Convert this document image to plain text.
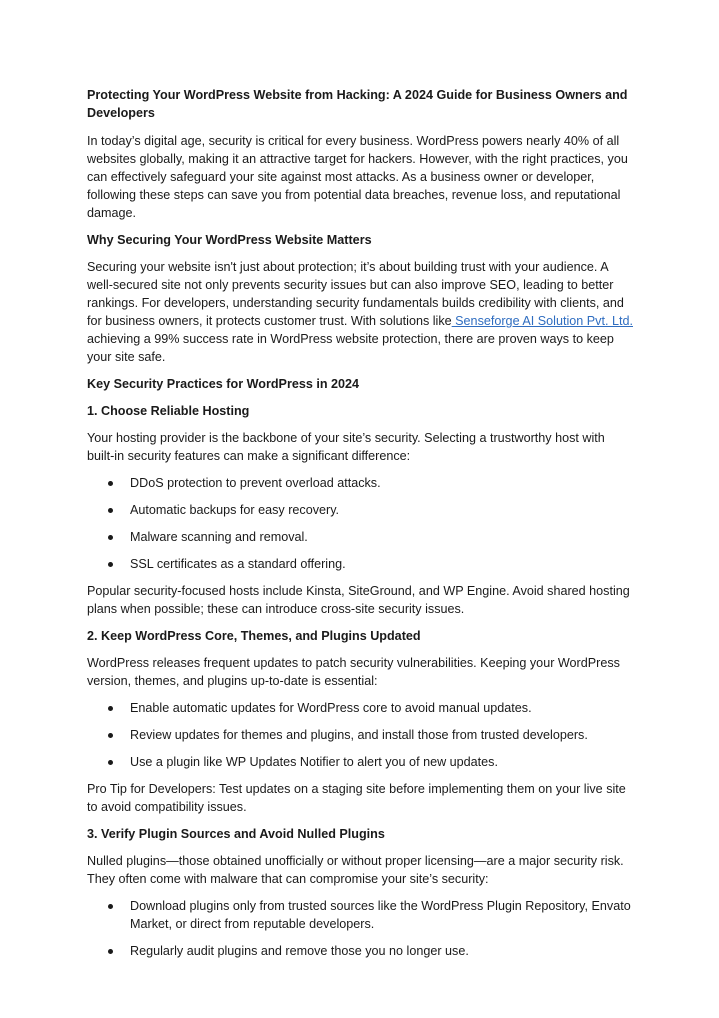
Protecting Your WordPress Website from Hacking: A 2024 Guide for Business Owners and Developers

In today’s digital age, security is critical for every business. WordPress powers nearly 40% of all websites globally, making it an attractive target for hackers. However, with the right practices, you can effectively safeguard your site against most attacks. As a business owner or developer, following these steps can save you from potential data breaches, revenue loss, and reputational damage.

Why Securing Your WordPress Website Matters

Securing your website isn't just about protection; it’s about building trust with your audience. A well-secured site not only prevents security issues but can also improve SEO, leading to better rankings. For developers, understanding security fundamentals builds credibility with clients, and for business owners, it protects customer trust. With solutions like Senseforge AI Solution Pvt. Ltd. achieving a 99% success rate in WordPress website protection, there are proven ways to keep your site safe.

Key Security Practices for WordPress in 2024

1. Choose Reliable Hosting

Your hosting provider is the backbone of your site’s security. Selecting a trustworthy host with built-in security features can make a significant difference:

DDoS protection to prevent overload attacks.
Automatic backups for easy recovery.
Malware scanning and removal.
SSL certificates as a standard offering.

Popular security-focused hosts include Kinsta, SiteGround, and WP Engine. Avoid shared hosting plans when possible; these can introduce cross-site security issues.

2. Keep WordPress Core, Themes, and Plugins Updated

WordPress releases frequent updates to patch security vulnerabilities. Keeping your WordPress version, themes, and plugins up-to-date is essential:

Enable automatic updates for WordPress core to avoid manual updates.
Review updates for themes and plugins, and install those from trusted developers.
Use a plugin like WP Updates Notifier to alert you of new updates.

Pro Tip for Developers: Test updates on a staging site before implementing them on your live site to avoid compatibility issues.

3. Verify Plugin Sources and Avoid Nulled Plugins

Nulled plugins—those obtained unofficially or without proper licensing—are a major security risk. They often come with malware that can compromise your site’s security:

Download plugins only from trusted sources like the WordPress Plugin Repository, Envato Market, or direct from reputable developers.
Regularly audit plugins and remove those you no longer use.
